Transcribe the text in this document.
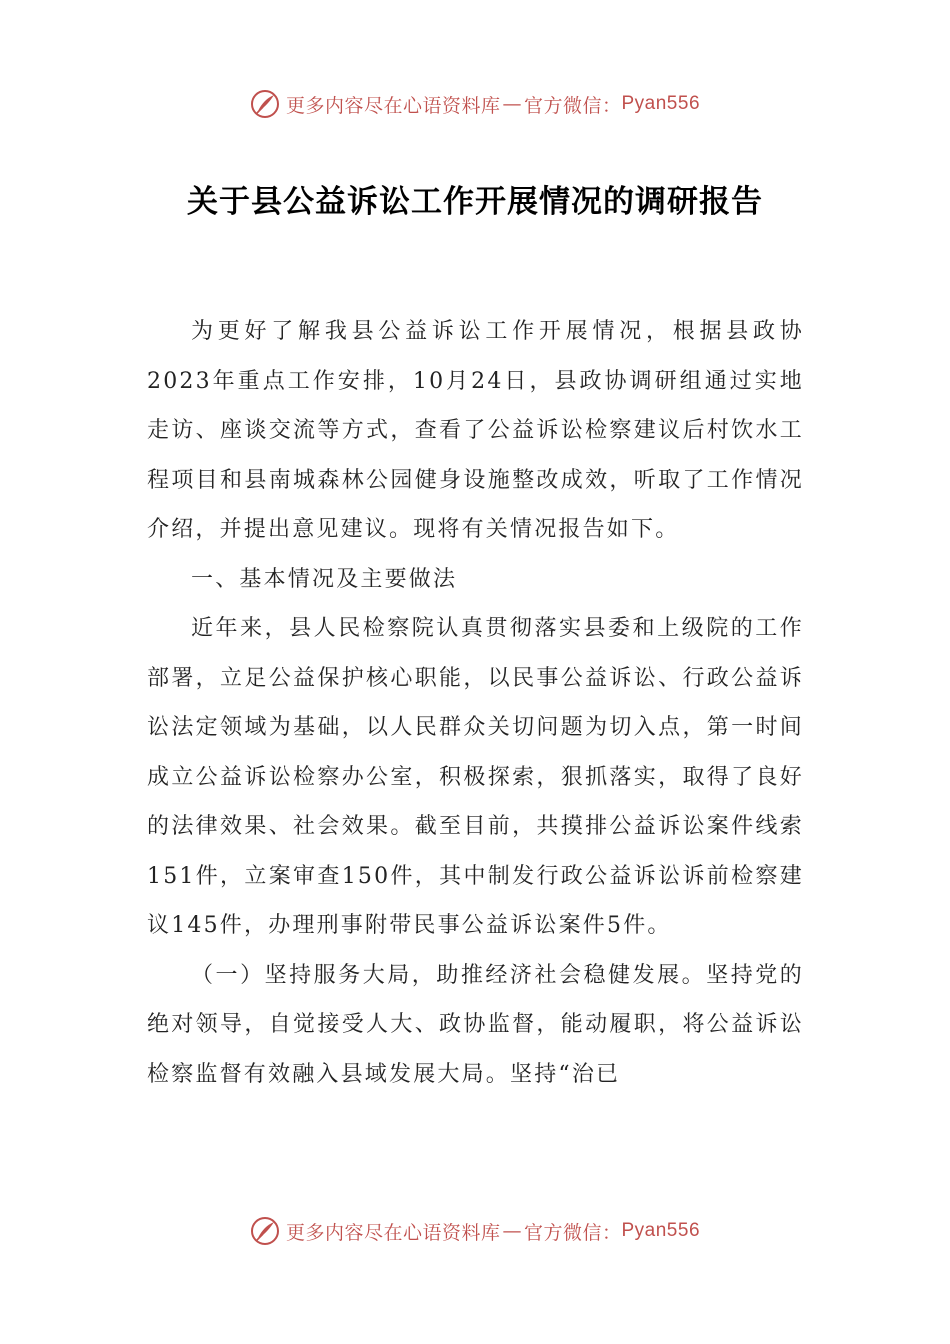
更多内容尽在心语资料库 — 官方微信： Pyan556
关于县公益诉讼工作开展情况的调研报告

为更好了解我县公益诉讼工作开展情况，根据县政协2023年重点工作安排，10月24日，县政协调研组通过实地走访、座谈交流等方式，查看了公益诉讼检察建议后村饮水工程项目和县南城森林公园健身设施整改成效，听取了工作情况介绍，并提出意见建议。现将有关情况报告如下。

一、基本情况及主要做法

近年来，县人民检察院认真贯彻落实县委和上级院的工作部署，立足公益保护核心职能，以民事公益诉讼、行政公益诉讼法定领域为基础，以人民群众关切问题为切入点，第一时间成立公益诉讼检察办公室，积极探索，狠抓落实，取得了良好的法律效果、社会效果。截至目前，共摸排公益诉讼案件线索151件，立案审查150件，其中制发行政公益诉讼诉前检察建议145件，办理刑事附带民事公益诉讼案件5件。

（一）坚持服务大局，助推经济社会稳健发展。坚持党的绝对领导，自觉接受人大、政协监督，能动履职，将公益诉讼检察监督有效融入县域发展大局。坚持“治已

更多内容尽在心语资料库 — 官方微信： Pyan556
